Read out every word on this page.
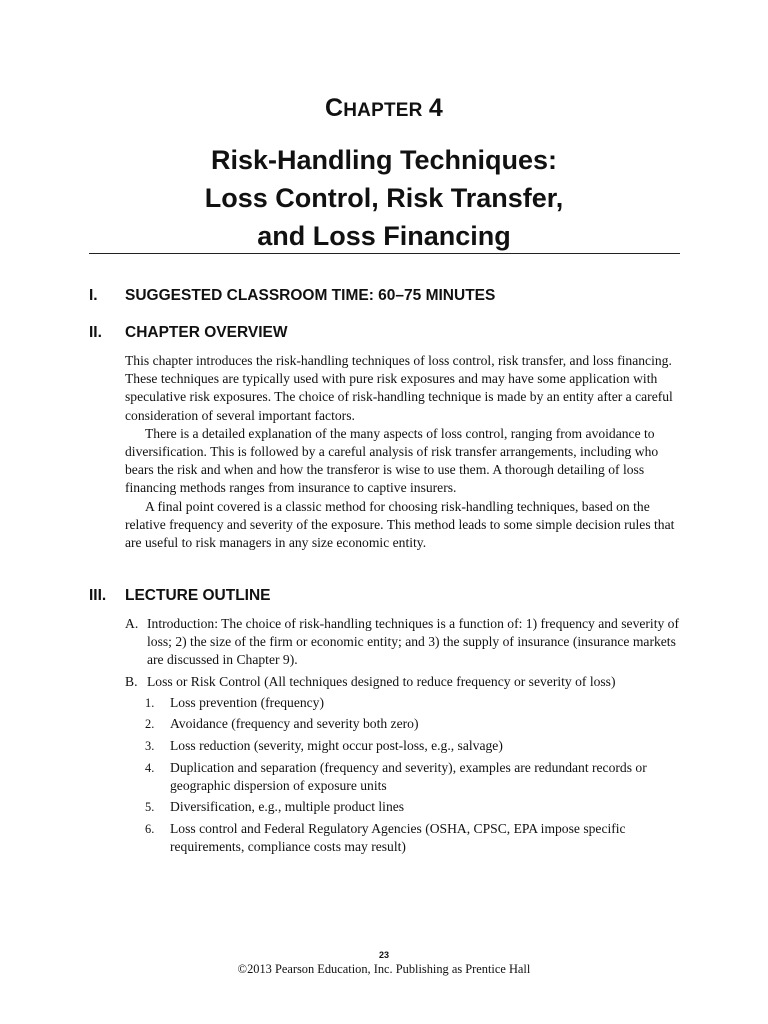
CHAPTER 4
Risk-Handling Techniques:
Loss Control, Risk Transfer,
and Loss Financing
I. SUGGESTED CLASSROOM TIME: 60–75 MINUTES
II. CHAPTER OVERVIEW

This chapter introduces the risk-handling techniques of loss control, risk transfer, and loss financing. These techniques are typically used with pure risk exposures and may have some application with speculative risk exposures. The choice of risk-handling technique is made by an entity after a careful consideration of several important factors.

There is a detailed explanation of the many aspects of loss control, ranging from avoidance to diversification. This is followed by a careful analysis of risk transfer arrangements, including who bears the risk and when and how the transferor is wise to use them. A thorough detailing of loss financing methods ranges from insurance to captive insurers.

A final point covered is a classic method for choosing risk-handling techniques, based on the relative frequency and severity of the exposure. This method leads to some simple decision rules that are useful to risk managers in any size economic entity.

III. LECTURE OUTLINE
A. Introduction: The choice of risk-handling techniques is a function of: 1) frequency and severity of loss; 2) the size of the firm or economic entity; and 3) the supply of insurance (insurance markets are discussed in Chapter 9).
B. Loss or Risk Control (All techniques designed to reduce frequency or severity of loss)
1. Loss prevention (frequency)
2. Avoidance (frequency and severity both zero)
3. Loss reduction (severity, might occur post-loss, e.g., salvage)
4. Duplication and separation (frequency and severity), examples are redundant records or geographic dispersion of exposure units
5. Diversification, e.g., multiple product lines
6. Loss control and Federal Regulatory Agencies (OSHA, CPSC, EPA impose specific requirements, compliance costs may result)
23
©2013 Pearson Education, Inc. Publishing as Prentice Hall
